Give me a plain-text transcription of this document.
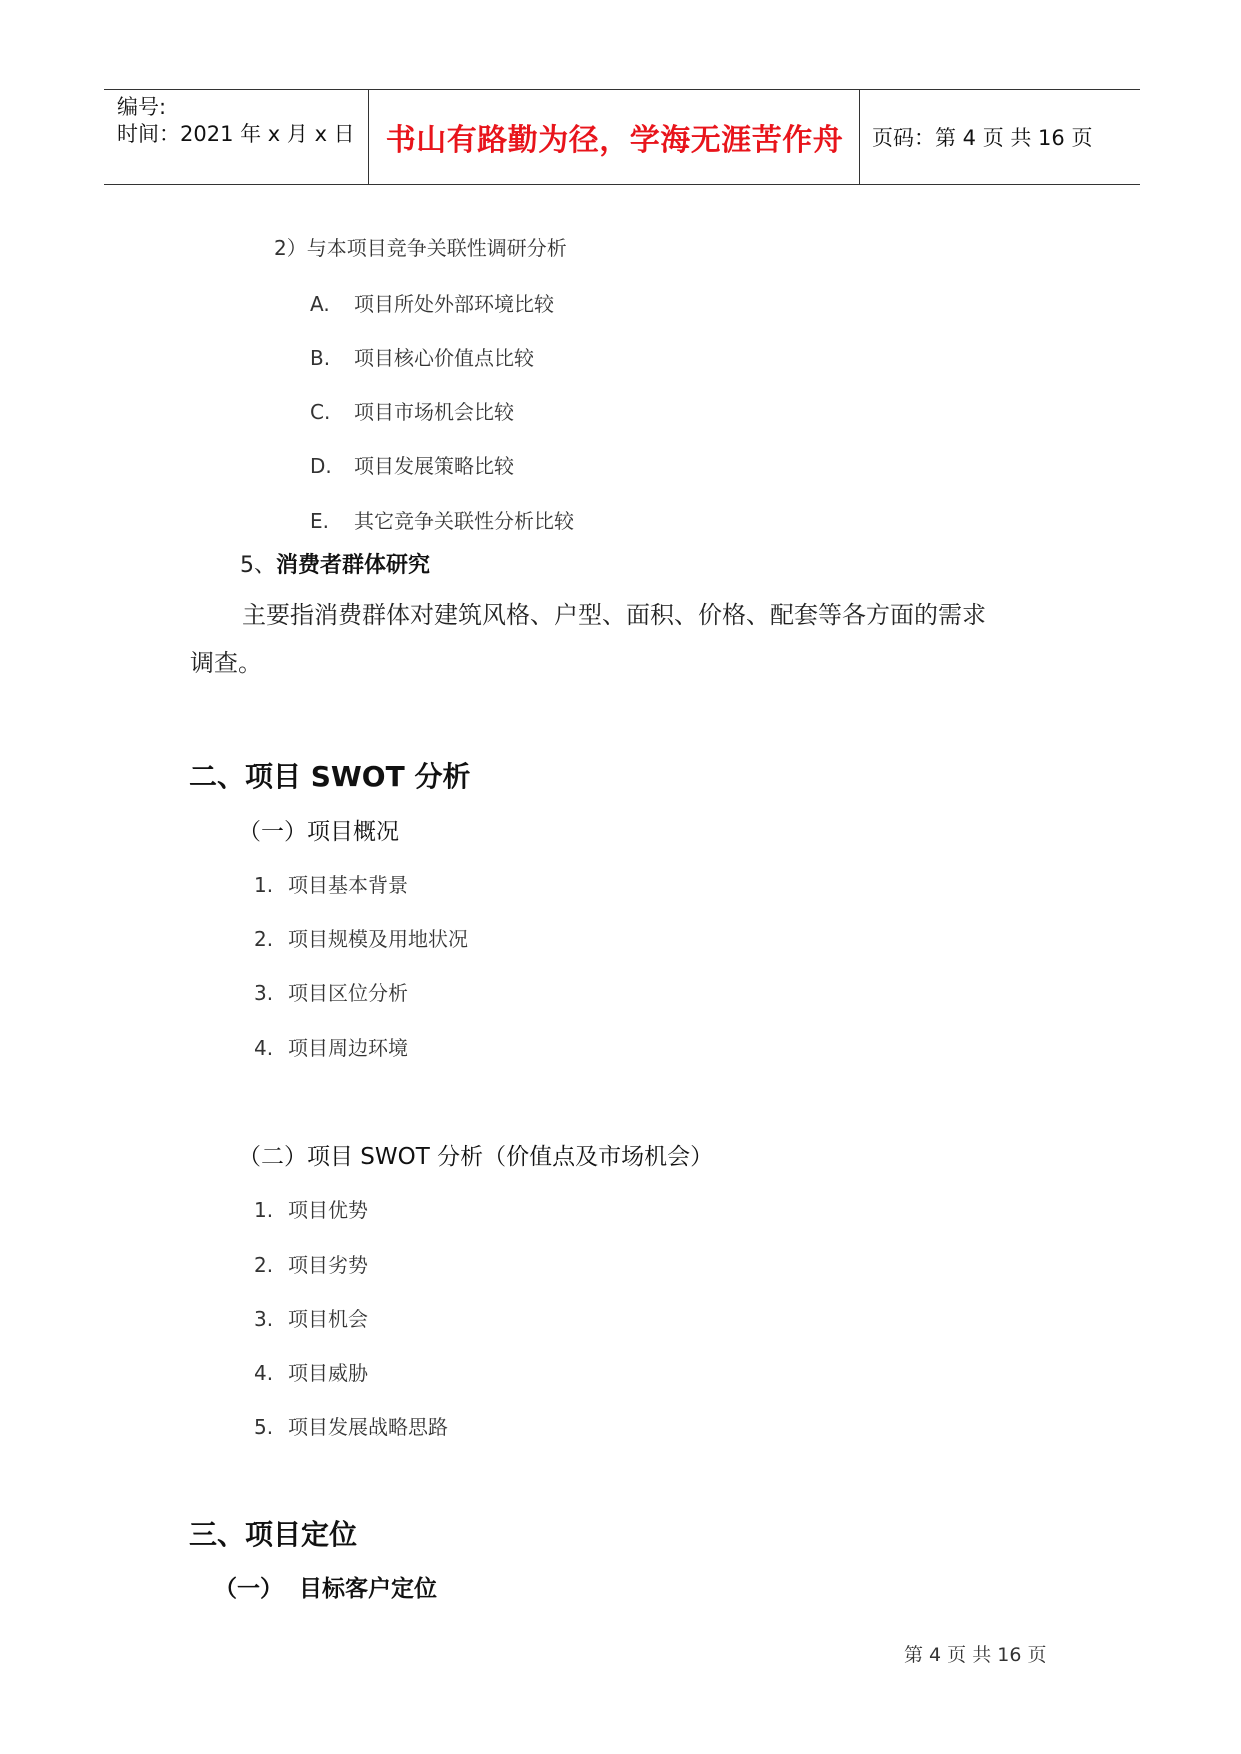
编号:
时间：2021 年 x 月 x 日	书山有路勤为径，学海无涯苦作舟	页码：第 4 页 共 16 页
2）与本项目竞争关联性调研分析
A. 项目所处外部环境比较
B. 项目核心价值点比较
C. 项目市场机会比较
D. 项目发展策略比较
E. 其它竞争关联性分析比较
5、消费者群体研究
主要指消费群体对建筑风格、户型、面积、价格、配套等各方面的需求
调查。
二、项目 SWOT 分析
（一）项目概况
1. 项目基本背景
2. 项目规模及用地状况
3. 项目区位分析
4. 项目周边环境
（二）项目 SWOT 分析（价值点及市场机会）
1. 项目优势
2. 项目劣势
3. 项目机会
4. 项目威胁
5. 项目发展战略思路
三、项目定位
（一）  目标客户定位
第 4 页 共 16 页
